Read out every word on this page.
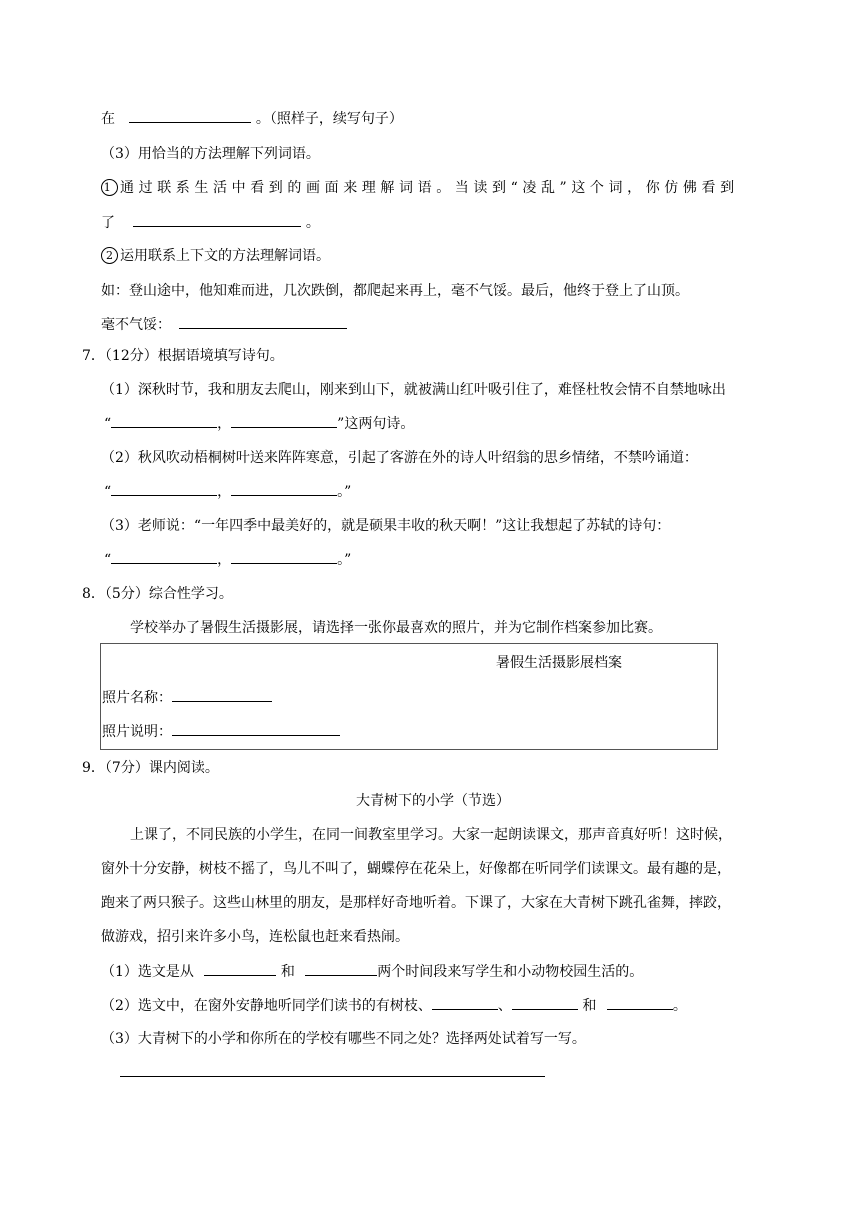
在	。（照样子，续写句子）
（3）用恰当的方法理解下列词语。
1 通过联系生活中看到的画面来理解词语。当读到“凌乱”这个词，你仿佛看到
了	。
2 运用联系上下文的方法理解词语。
如：登山途中，他知难而进，几次跌倒，都爬起来再上，毫不气馁。最后，他终于登上了山顶。
毫不气馁：
7．（12分）根据语境填写诗句。
（1）深秋时节，我和朋友去爬山，刚来到山下，就被满山红叶吸引住了，难怪杜牧会情不自禁地咏出
“	，	”这两句诗。
（2）秋风吹动梧桐树叶送来阵阵寒意，引起了客游在外的诗人叶绍翁的思乡情绪，不禁吟诵道：
“	，	。”
（3）老师说：“一年四季中最美好的，就是硕果丰收的秋天啊！”这让我想起了苏轼的诗句：
“	，	。”
8．（5分）综合性学习。
学校举办了暑假生活摄影展，请选择一张你最喜欢的照片，并为它制作档案参加比赛。
暑假生活摄影展档案
照片名称：
照片说明：
9．（7分）课内阅读。
大青树下的小学（节选）
上课了，不同民族的小学生，在同一间教室里学习。大家一起朗读课文，那声音真好听！这时候，
窗外十分安静，树枝不摇了，鸟儿不叫了，蝴蝶停在花朵上，好像都在听同学们读课文。最有趣的是，
跑来了两只猴子。这些山林里的朋友，是那样好奇地听着。下课了，大家在大青树下跳孔雀舞，摔跤，
做游戏，招引来许多小鸟，连松鼠也赶来看热闹。
（1）选文是从	和	两个时间段来写学生和小动物校园生活的。
（2）选文中，在窗外安静地听同学们读书的有树枝、	、	和	。
（3）大青树下的小学和你所在的学校有哪些不同之处？选择两处试着写一写。
